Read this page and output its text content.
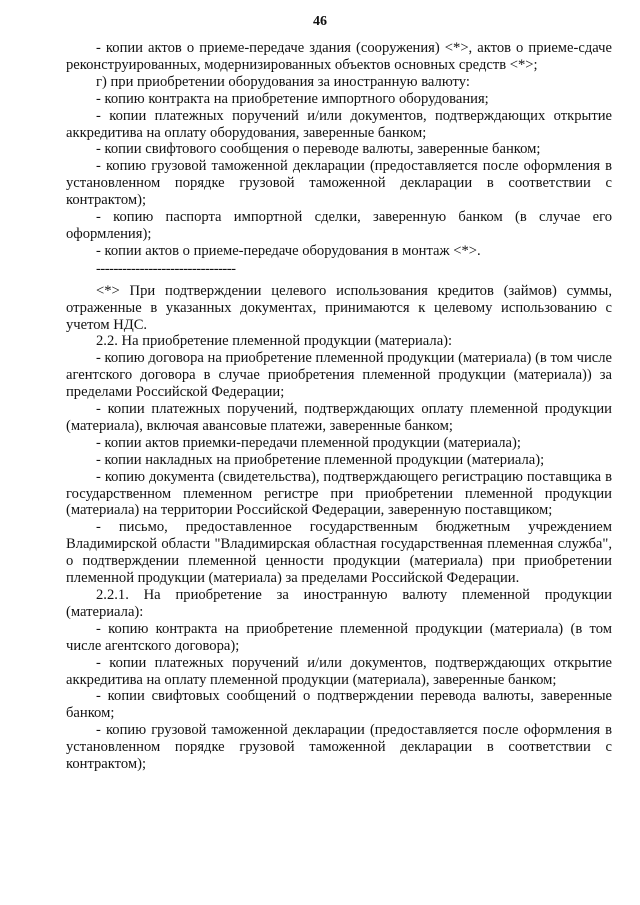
46

- копии актов о приеме-передаче здания (сооружения) <*>, актов о приеме-сдаче реконструированных, модернизированных объектов основных средств <*>;

г) при приобретении оборудования за иностранную валюту:

- копию контракта на приобретение импортного оборудования;

- копии платежных поручений и/или документов, подтверждающих открытие аккредитива на оплату оборудования, заверенные банком;

- копии свифтового сообщения о переводе валюты, заверенные банком;

- копию грузовой таможенной декларации (предоставляется после оформления в установленном порядке грузовой таможенной декларации в соответствии с контрактом);

- копию паспорта импортной сделки, заверенную банком (в случае его оформления);

- копии актов о приеме-передаче оборудования в монтаж <*>.

--------------------------------

<*> При подтверждении целевого использования кредитов (займов) суммы, отраженные в указанных документах, принимаются к целевому использованию с учетом НДС.

2.2. На приобретение племенной продукции (материала):

- копию договора на приобретение племенной продукции (материала) (в том числе агентского договора в случае приобретения племенной продукции (материала)) за пределами Российской Федерации;

- копии платежных поручений, подтверждающих оплату племенной продукции (материала), включая авансовые платежи, заверенные банком;

- копии актов приемки-передачи племенной продукции (материала);

- копии накладных на приобретение племенной продукции (материала);

- копию документа (свидетельства), подтверждающего регистрацию поставщика в государственном племенном регистре при приобретении племенной продукции (материала) на территории Российской Федерации, заверенную поставщиком;

- письмо, предоставленное государственным бюджетным учреждением Владимирской области "Владимирская областная государственная племенная служба", о подтверждении племенной ценности продукции (материала) при приобретении племенной продукции (материала) за пределами Российской Федерации.

2.2.1. На приобретение за иностранную валюту племенной продукции (материала):

- копию контракта на приобретение племенной продукции (материала) (в том числе агентского договора);

- копии платежных поручений и/или документов, подтверждающих открытие аккредитива на оплату племенной продукции (материала), заверенные банком;

- копии свифтовых сообщений о подтверждении перевода валюты, заверенные банком;

- копию грузовой таможенной декларации (предоставляется после оформления в установленном порядке грузовой таможенной декларации в соответствии с контрактом);
